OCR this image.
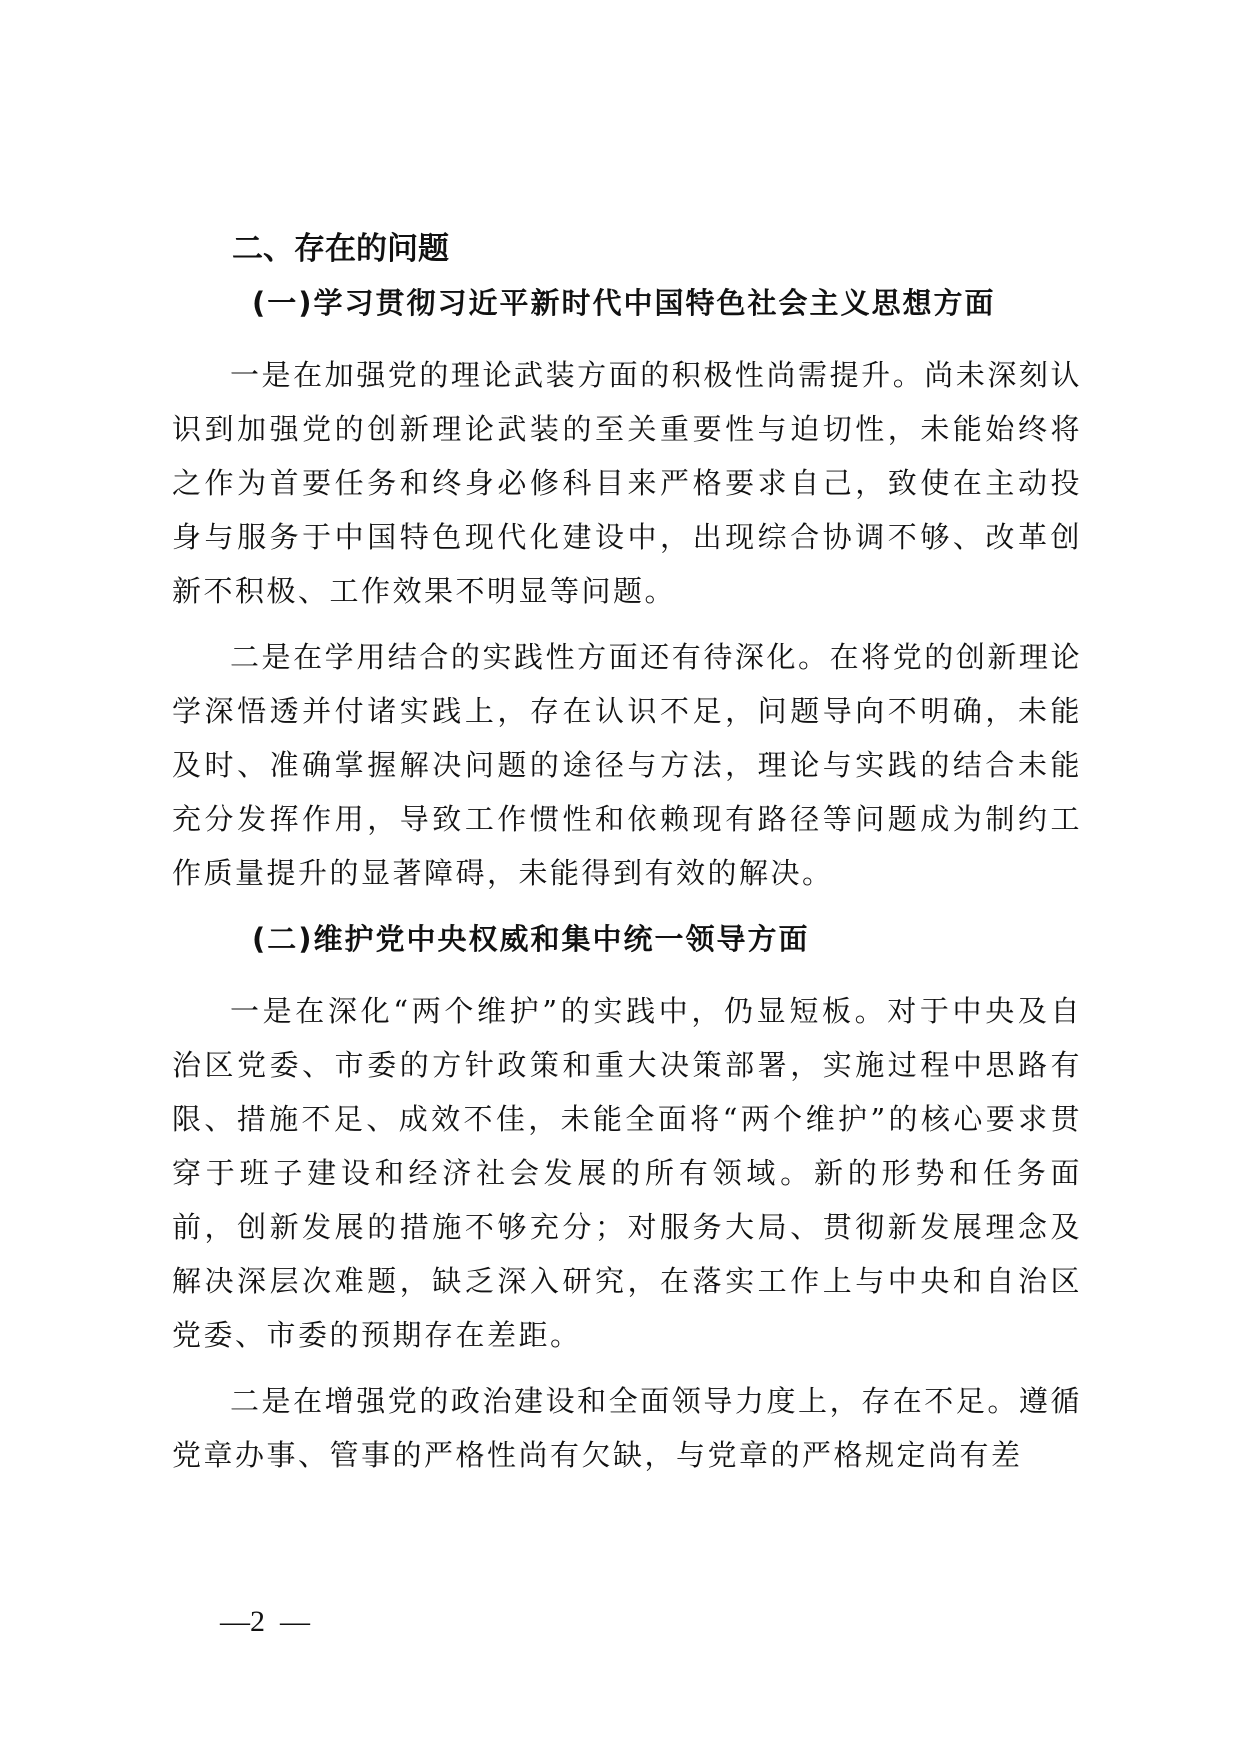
二、存在的问题
(一)学习贯彻习近平新时代中国特色社会主义思想方面

一是在加强党的理论武装方面的积极性尚需提升。尚未深刻认识到加强党的创新理论武装的至关重要性与迫切性，未能始终将之作为首要任务和终身必修科目来严格要求自己，致使在主动投身与服务于中国特色现代化建设中，出现综合协调不够、改革创新不积极、工作效果不明显等问题。

二是在学用结合的实践性方面还有待深化。在将党的创新理论学深悟透并付诸实践上，存在认识不足，问题导向不明确，未能及时、准确掌握解决问题的途径与方法，理论与实践的结合未能充分发挥作用，导致工作惯性和依赖现有路径等问题成为制约工作质量提升的显著障碍，未能得到有效的解决。

(二)维护党中央权威和集中统一领导方面

一是在深化“两个维护”的实践中，仍显短板。对于中央及自治区党委、市委的方针政策和重大决策部署，实施过程中思路有限、措施不足、成效不佳，未能全面将“两个维护”的核心要求贯穿于班子建设和经济社会发展的所有领域。新的形势和任务面前，创新发展的措施不够充分；对服务大局、贯彻新发展理念及解决深层次难题，缺乏深入研究，在落实工作上与中央和自治区党委、市委的预期存在差距。

二是在增强党的政治建设和全面领导力度上，存在不足。遵循党章办事、管事的严格性尚有欠缺，与党章的严格规定尚有差

—2  —
